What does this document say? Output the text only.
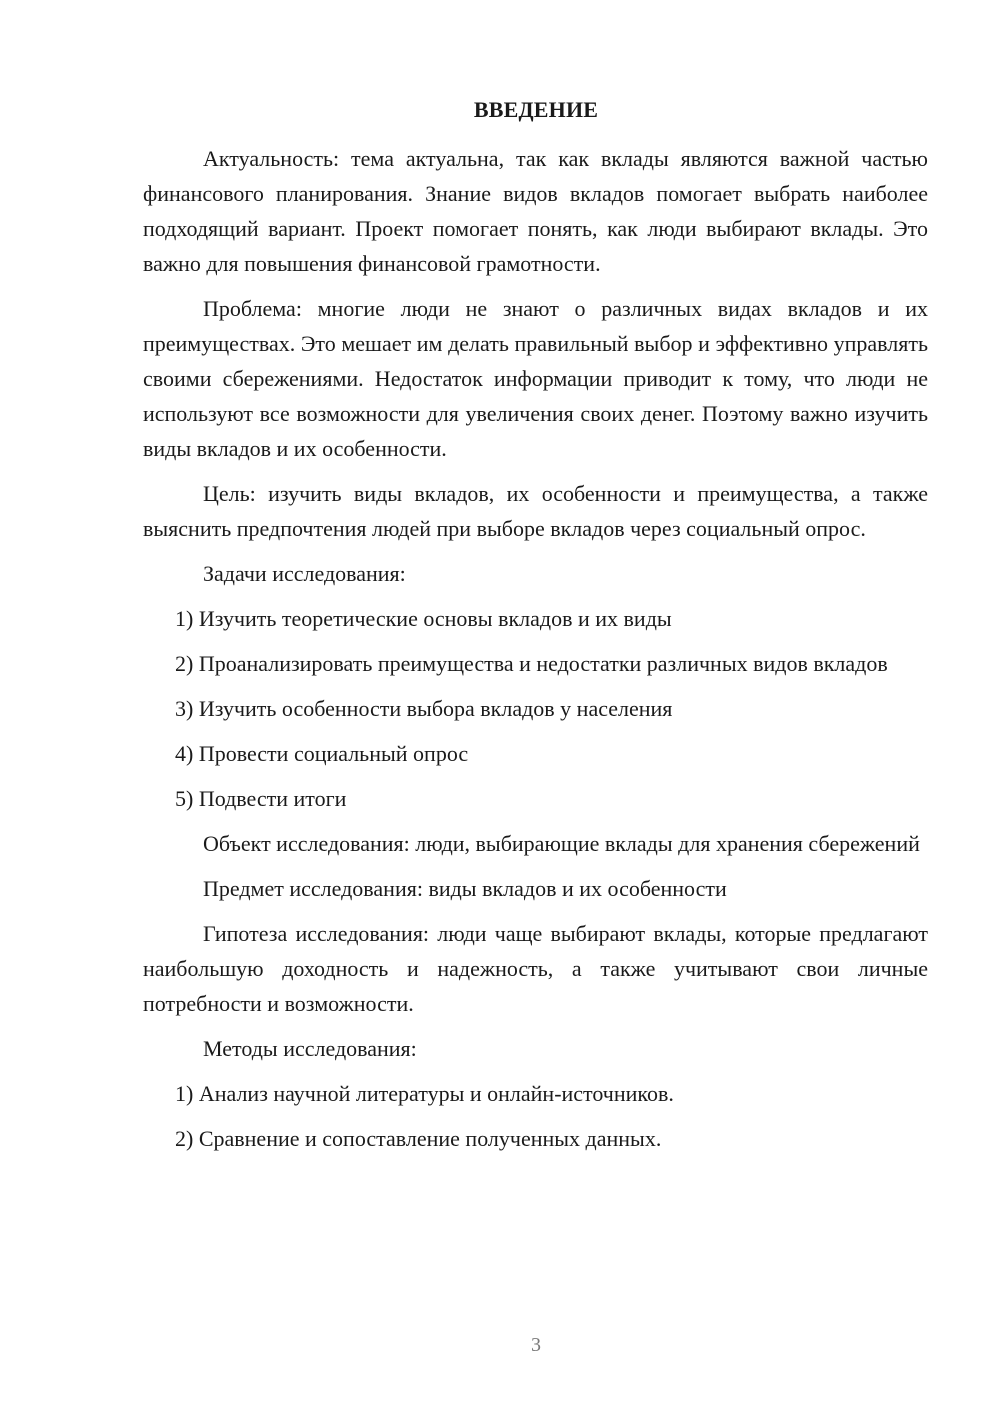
ВВЕДЕНИЕ

Актуальность: тема актуальна, так как вклады являются важной частью финансового планирования. Знание видов вкладов помогает выбрать наиболее подходящий вариант. Проект помогает понять, как люди выбирают вклады. Это важно для повышения финансовой грамотности.

Проблема: многие люди не знают о различных видах вкладов и их преимуществах. Это мешает им делать правильный выбор и эффективно управлять своими сбережениями. Недостаток информации приводит к тому, что люди не используют все возможности для увеличения своих денег. Поэтому важно изучить виды вкладов и их особенности.

Цель: изучить виды вкладов, их особенности и преимущества, а также выяснить предпочтения людей при выборе вкладов через социальный опрос.

Задачи исследования:

1) Изучить теоретические основы вкладов и их виды

2) Проанализировать преимущества и недостатки различных видов вкладов

3) Изучить особенности выбора вкладов у населения

4) Провести социальный опрос

5) Подвести итоги

Объект исследования: люди, выбирающие вклады для хранения сбережений

Предмет исследования: виды вкладов и их особенности

Гипотеза исследования: люди чаще выбирают вклады, которые предлагают наибольшую доходность и надежность, а также учитывают свои личные потребности и возможности.

Методы исследования:

1) Анализ научной литературы и онлайн-источников.

2) Сравнение и сопоставление полученных данных.

3
